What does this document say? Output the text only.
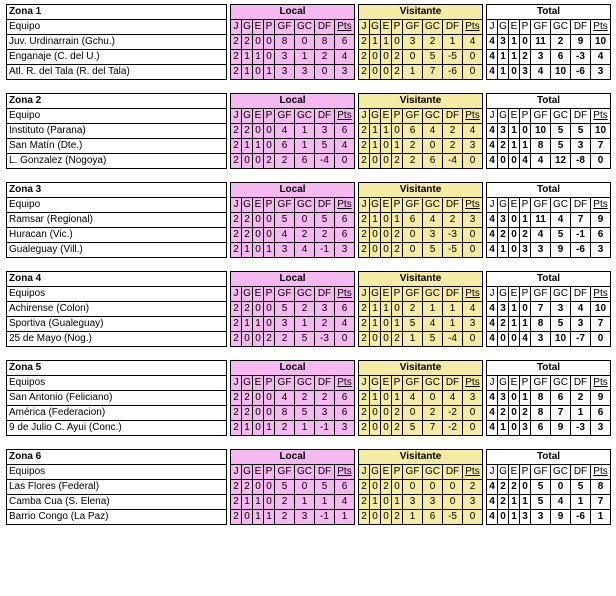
Zona 1		Local									Visitante									Total							
Equipo		J	G	E	P	GF	GC	DF	Pts		J	G	E	P	GF	GC	DF	Pts		J	G	E	P	GF	GC	DF	Pts
Juv. Urdinarrain (Gchu.)		2	2	0	0	8	0	8	6		2	1	1	0	3	2	1	4		4	3	1	0	11	2	9	10
Enganaje (C. del U.)		2	1	1	0	3	1	2	4		2	0	0	2	0	5	-5	0		4	1	1	2	3	6	-3	4
Atl. R. del Tala (R. del Tala)		2	1	0	1	3	3	0	3		2	0	0	2	1	7	-6	0		4	1	0	3	4	10	-6	3
Zona 2		Local									Visitante									Total							
Equipo		J	G	E	P	GF	GC	DF	Pts		J	G	E	P	GF	GC	DF	Pts		J	G	E	P	GF	GC	DF	Pts
Instituto (Parana)		2	2	0	0	4	1	3	6		2	1	1	0	6	4	2	4		4	3	1	0	10	5	5	10
San Matín (Dte.)		2	1	1	0	6	1	5	4		2	1	0	1	2	0	2	3		4	2	1	1	8	5	3	7
L. Gonzalez (Nogoya)		2	0	0	2	2	6	-4	0		2	0	0	2	2	6	-4	0		4	0	0	4	4	12	-8	0
Zona 3		Local									Visitante									Total							
Equipo		J	G	E	P	GF	GC	DF	Pts		J	G	E	P	GF	GC	DF	Pts		J	G	E	P	GF	GC	DF	Pts
Ramsar (Regional)		2	2	0	0	5	0	5	6		2	1	0	1	6	4	2	3		4	3	0	1	11	4	7	9
Huracan (Vic.)		2	2	0	0	4	2	2	6		2	0	0	2	0	3	-3	0		4	2	0	2	4	5	-1	6
Gualeguay (Vill.)		2	1	0	1	3	4	-1	3		2	0	0	2	0	5	-5	0		4	1	0	3	3	9	-6	3
Zona 4		Local									Visitante									Total							
Equipos		J	G	E	P	GF	GC	DF	Pts		J	G	E	P	GF	GC	DF	Pts		J	G	E	P	GF	GC	DF	Pts
Achirense (Colon)		2	2	0	0	5	2	3	6		2	1	1	0	2	1	1	4		4	3	1	0	7	3	4	10
Sportiva (Gualeguay)		2	1	1	0	3	1	2	4		2	1	0	1	5	4	1	3		4	2	1	1	8	5	3	7
25 de Mayo (Nog.)		2	0	0	2	2	5	-3	0		2	0	0	2	1	5	-4	0		4	0	0	4	3	10	-7	0
Zona 5		Local									Visitante									Total							
Equipos		J	G	E	P	GF	GC	DF	Pts		J	G	E	P	GF	GC	DF	Pts		J	G	E	P	GF	GC	DF	Pts
San Antonio (Feliciano)		2	2	0	0	4	2	2	6		2	1	0	1	4	0	4	3		4	3	0	1	8	6	2	9
América (Federacion)		2	2	0	0	8	5	3	6		2	0	0	2	0	2	-2	0		4	2	0	2	8	7	1	6
9 de Julio C. Ayui (Conc.)		2	1	0	1	2	1	-1	3		2	0	0	2	5	7	-2	0		4	1	0	3	6	9	-3	3
Zona 6		Local									Visitante									Total							
Equipos		J	G	E	P	GF	GC	DF	Pts		J	G	E	P	GF	GC	DF	Pts		J	G	E	P	GF	GC	DF	Pts
Las Flores (Federal)		2	2	0	0	5	0	5	6		2	0	2	0	0	0	0	2		4	2	2	0	5	0	5	8
Camba Cua (S. Elena)		2	1	1	0	2	1	1	4		2	1	0	1	3	3	0	3		4	2	1	1	5	4	1	7
Barrio Congo (La Paz)		2	0	1	1	2	3	-1	1		2	0	0	2	1	6	-5	0		4	0	1	3	3	9	-6	1
